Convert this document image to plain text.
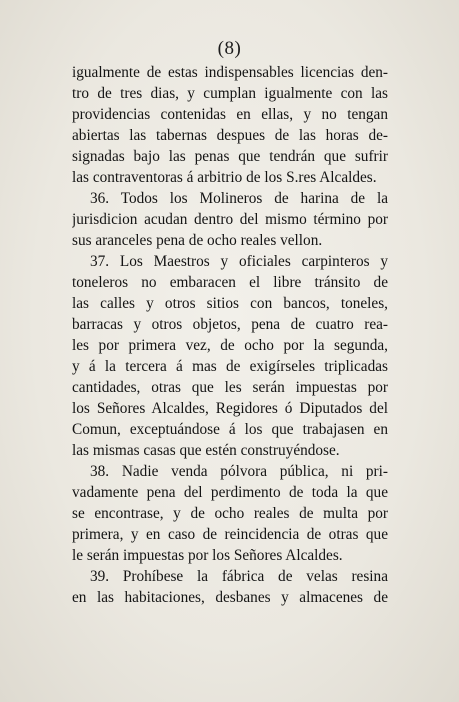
(8)
igualmente de estas indispensables licencias den-
tro de tres dias, y cumplan igualmente con las
providencias contenidas en ellas, y no tengan
abiertas las tabernas despues de las horas de-
signadas bajo las penas que tendrán que sufrir
las contraventoras á arbitrio de los S.res Alcaldes.
36. Todos los Molineros de harina de la
jurisdicion acudan dentro del mismo término por
sus aranceles pena de ocho reales vellon.
37. Los Maestros y oficiales carpinteros y
toneleros no embaracen el libre tránsito de
las calles y otros sitios con bancos, toneles,
barracas y otros objetos, pena de cuatro rea-
les por primera vez, de ocho por la segunda,
y á la tercera á mas de exigírseles triplicadas
cantidades, otras que les serán impuestas por
los Señores Alcaldes, Regidores ó Diputados del
Comun, exceptuándose á los que trabajasen en
las mismas casas que estén construyéndose.
38. Nadie venda pólvora pública, ni pri-
vadamente pena del perdimento de toda la que
se encontrase, y de ocho reales de multa por
primera, y en caso de reincidencia de otras que
le serán impuestas por los Señores Alcaldes.
39. Prohíbese la fábrica de velas resina
en las habitaciones, desbanes y almacenes de
